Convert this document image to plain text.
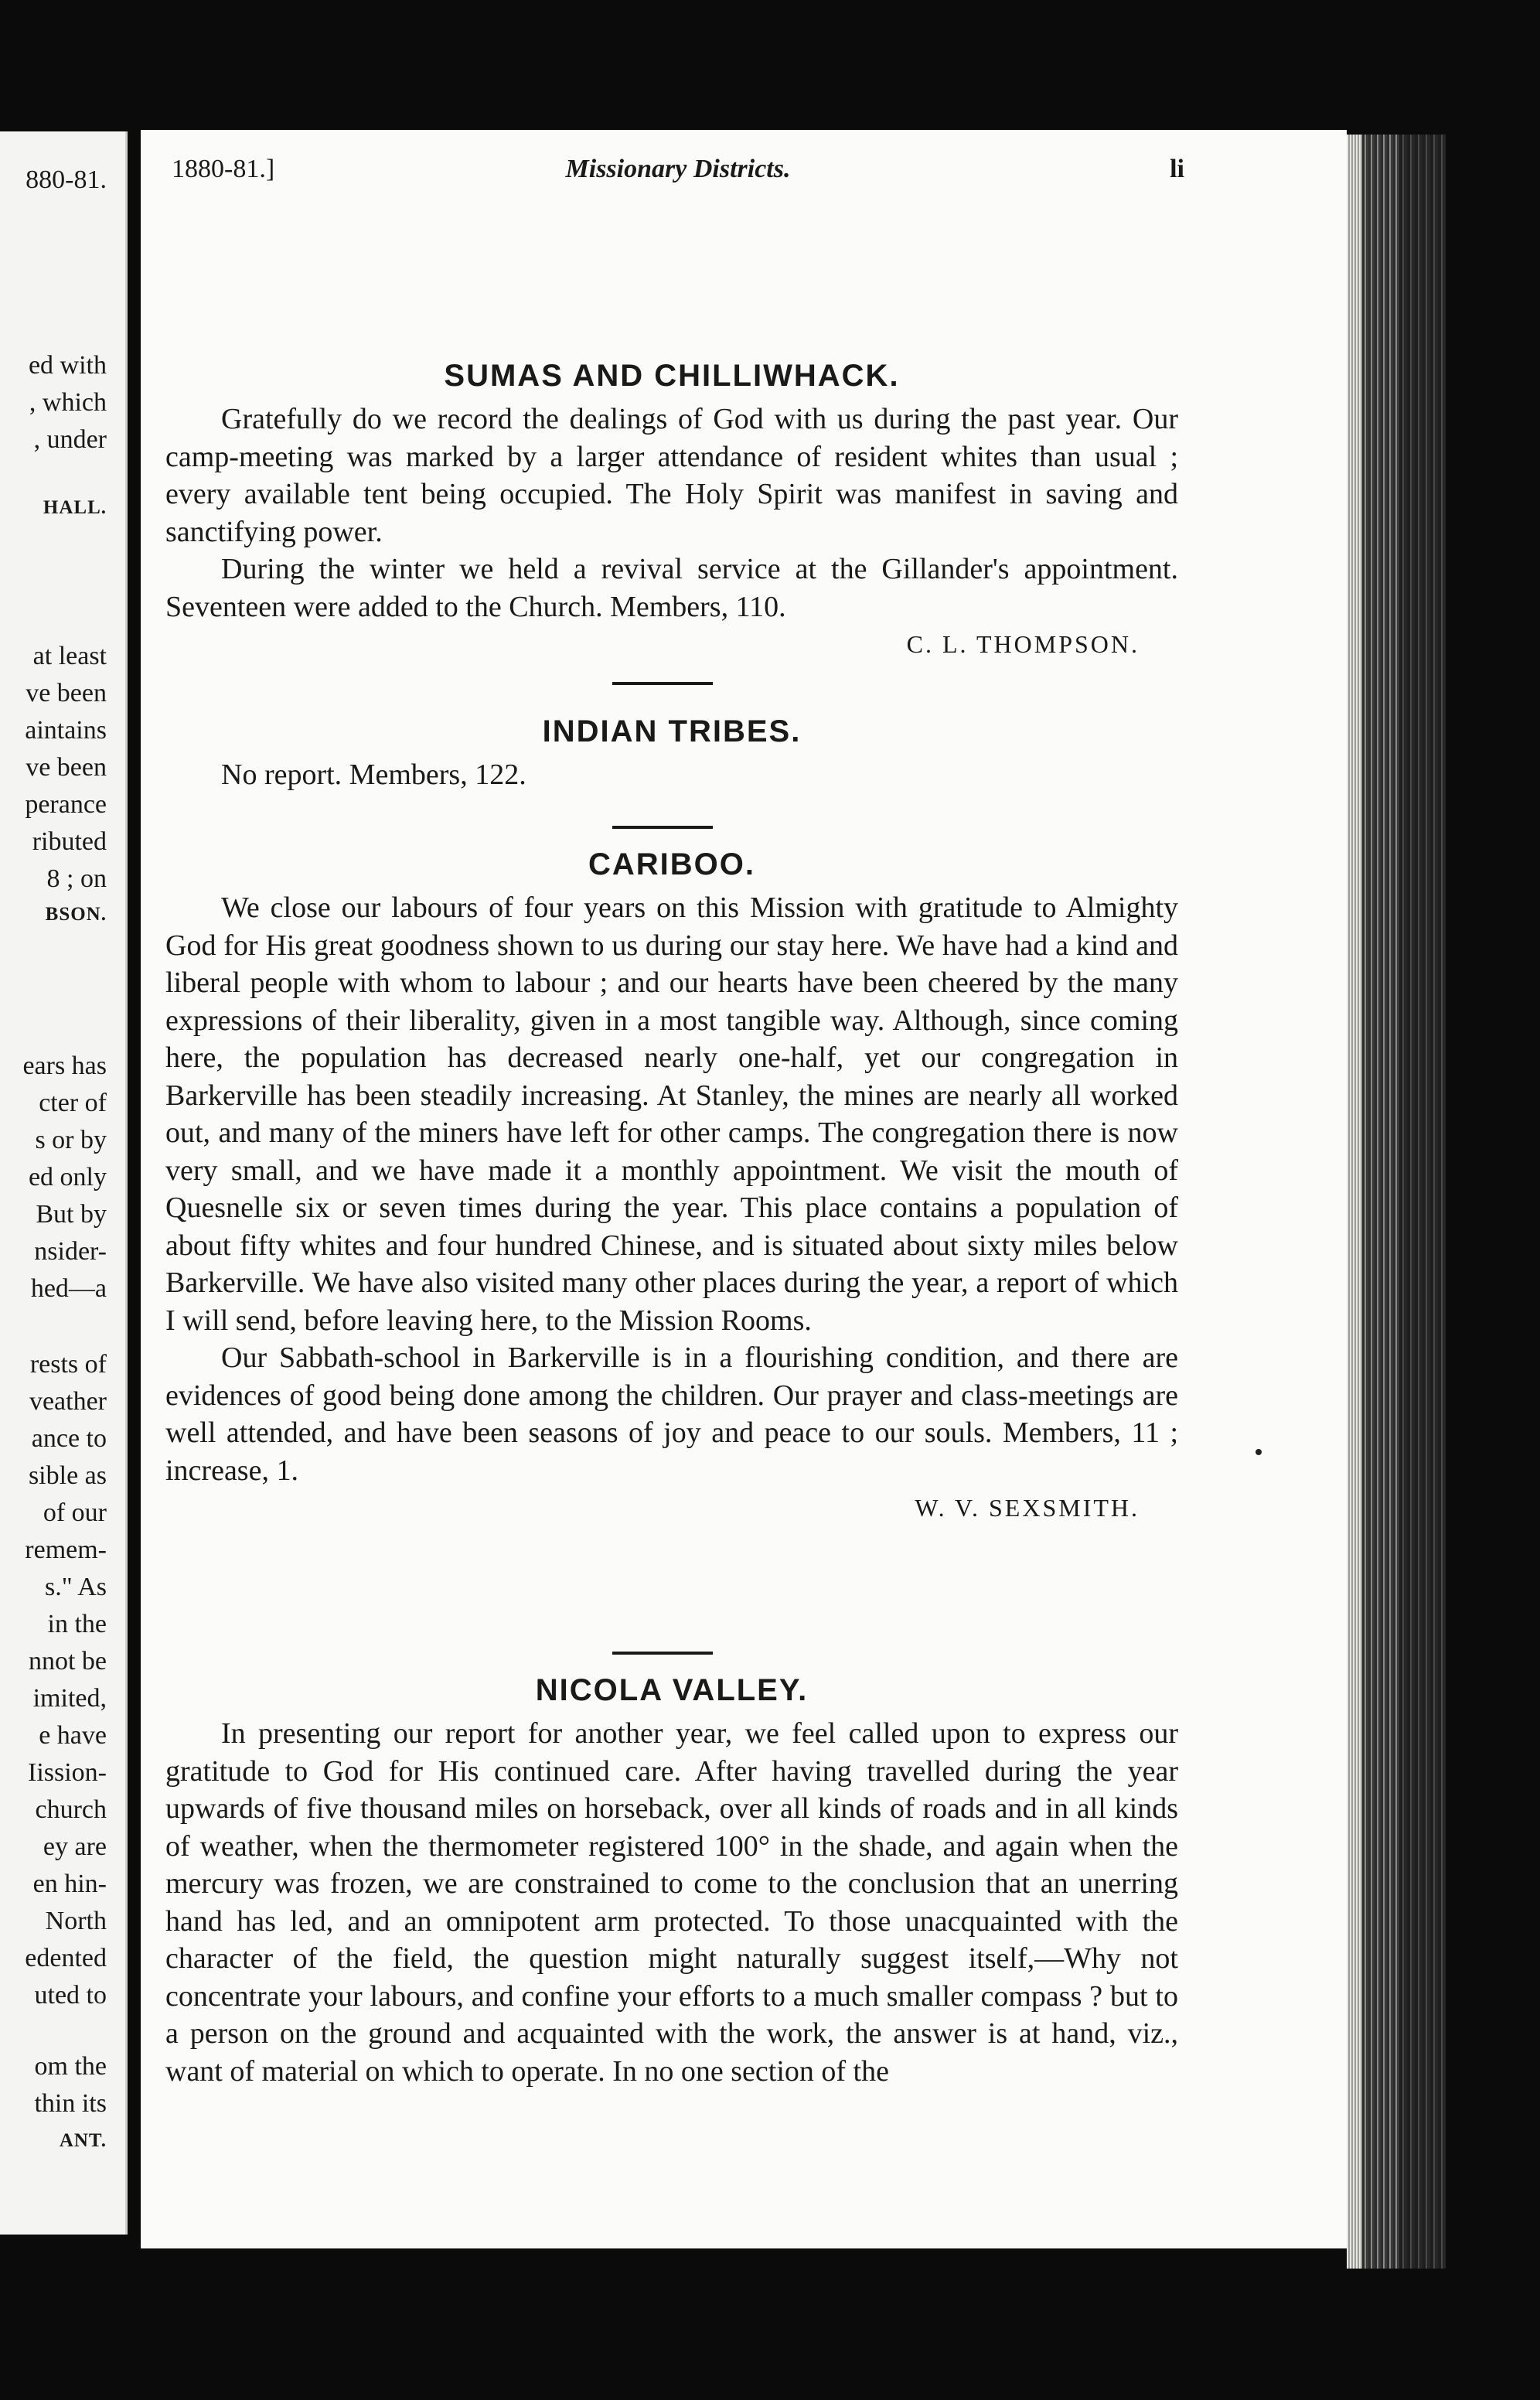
880-81.
ed with
, which
, under
HALL.
at least
ve been
aintains
ve been
perance
ributed
8 ; on
BSON.
ears has
cter of
s or by
ed only
But by
nsider-
hed—a
rests of
veather
ance to
sible as
of our
remem-
s." As
in the
nnot be
imited,
e have
Iission-
church
ey are
en hin-
North
edented
uted to
om the
thin its
ANT.
1880-81.]	Missionary Districts.	li
SUMAS AND CHILLIWHACK.

Gratefully do we record the dealings of God with us during the past year. Our camp-meeting was marked by a larger attendance of resident whites than usual ; every available tent being occupied. The Holy Spirit was manifest in saving and sanctifying power.

During the winter we held a revival service at the Gillander's appointment. Seventeen were added to the Church. Members, 110.

C. L. THOMPSON.
INDIAN TRIBES.

No report. Members, 122.

CARIBOO.

We close our labours of four years on this Mission with gratitude to Almighty God for His great goodness shown to us during our stay here. We have had a kind and liberal people with whom to labour ; and our hearts have been cheered by the many expressions of their liberality, given in a most tangible way. Although, since coming here, the population has decreased nearly one-half, yet our congregation in Barkerville has been steadily increasing. At Stanley, the mines are nearly all worked out, and many of the miners have left for other camps. The congregation there is now very small, and we have made it a monthly appointment. We visit the mouth of Quesnelle six or seven times during the year. This place contains a population of about fifty whites and four hundred Chinese, and is situated about sixty miles below Barkerville. We have also visited many other places during the year, a report of which I will send, before leaving here, to the Mission Rooms.

Our Sabbath-school in Barkerville is in a flourishing condition, and there are evidences of good being done among the children. Our prayer and class-meetings are well attended, and have been seasons of joy and peace to our souls. Members, 11 ; increase, 1.

W. V. SEXSMITH.
NICOLA VALLEY.

In presenting our report for another year, we feel called upon to express our gratitude to God for His continued care. After having travelled during the year upwards of five thousand miles on horseback, over all kinds of roads and in all kinds of weather, when the thermometer registered 100° in the shade, and again when the mercury was frozen, we are constrained to come to the conclusion that an unerring hand has led, and an omnipotent arm protected. To those unacquainted with the character of the field, the question might naturally suggest itself,—Why not concentrate your labours, and confine your efforts to a much smaller compass ? but to a person on the ground and acquainted with the work, the answer is at hand, viz., want of material on which to operate. In no one section of the
